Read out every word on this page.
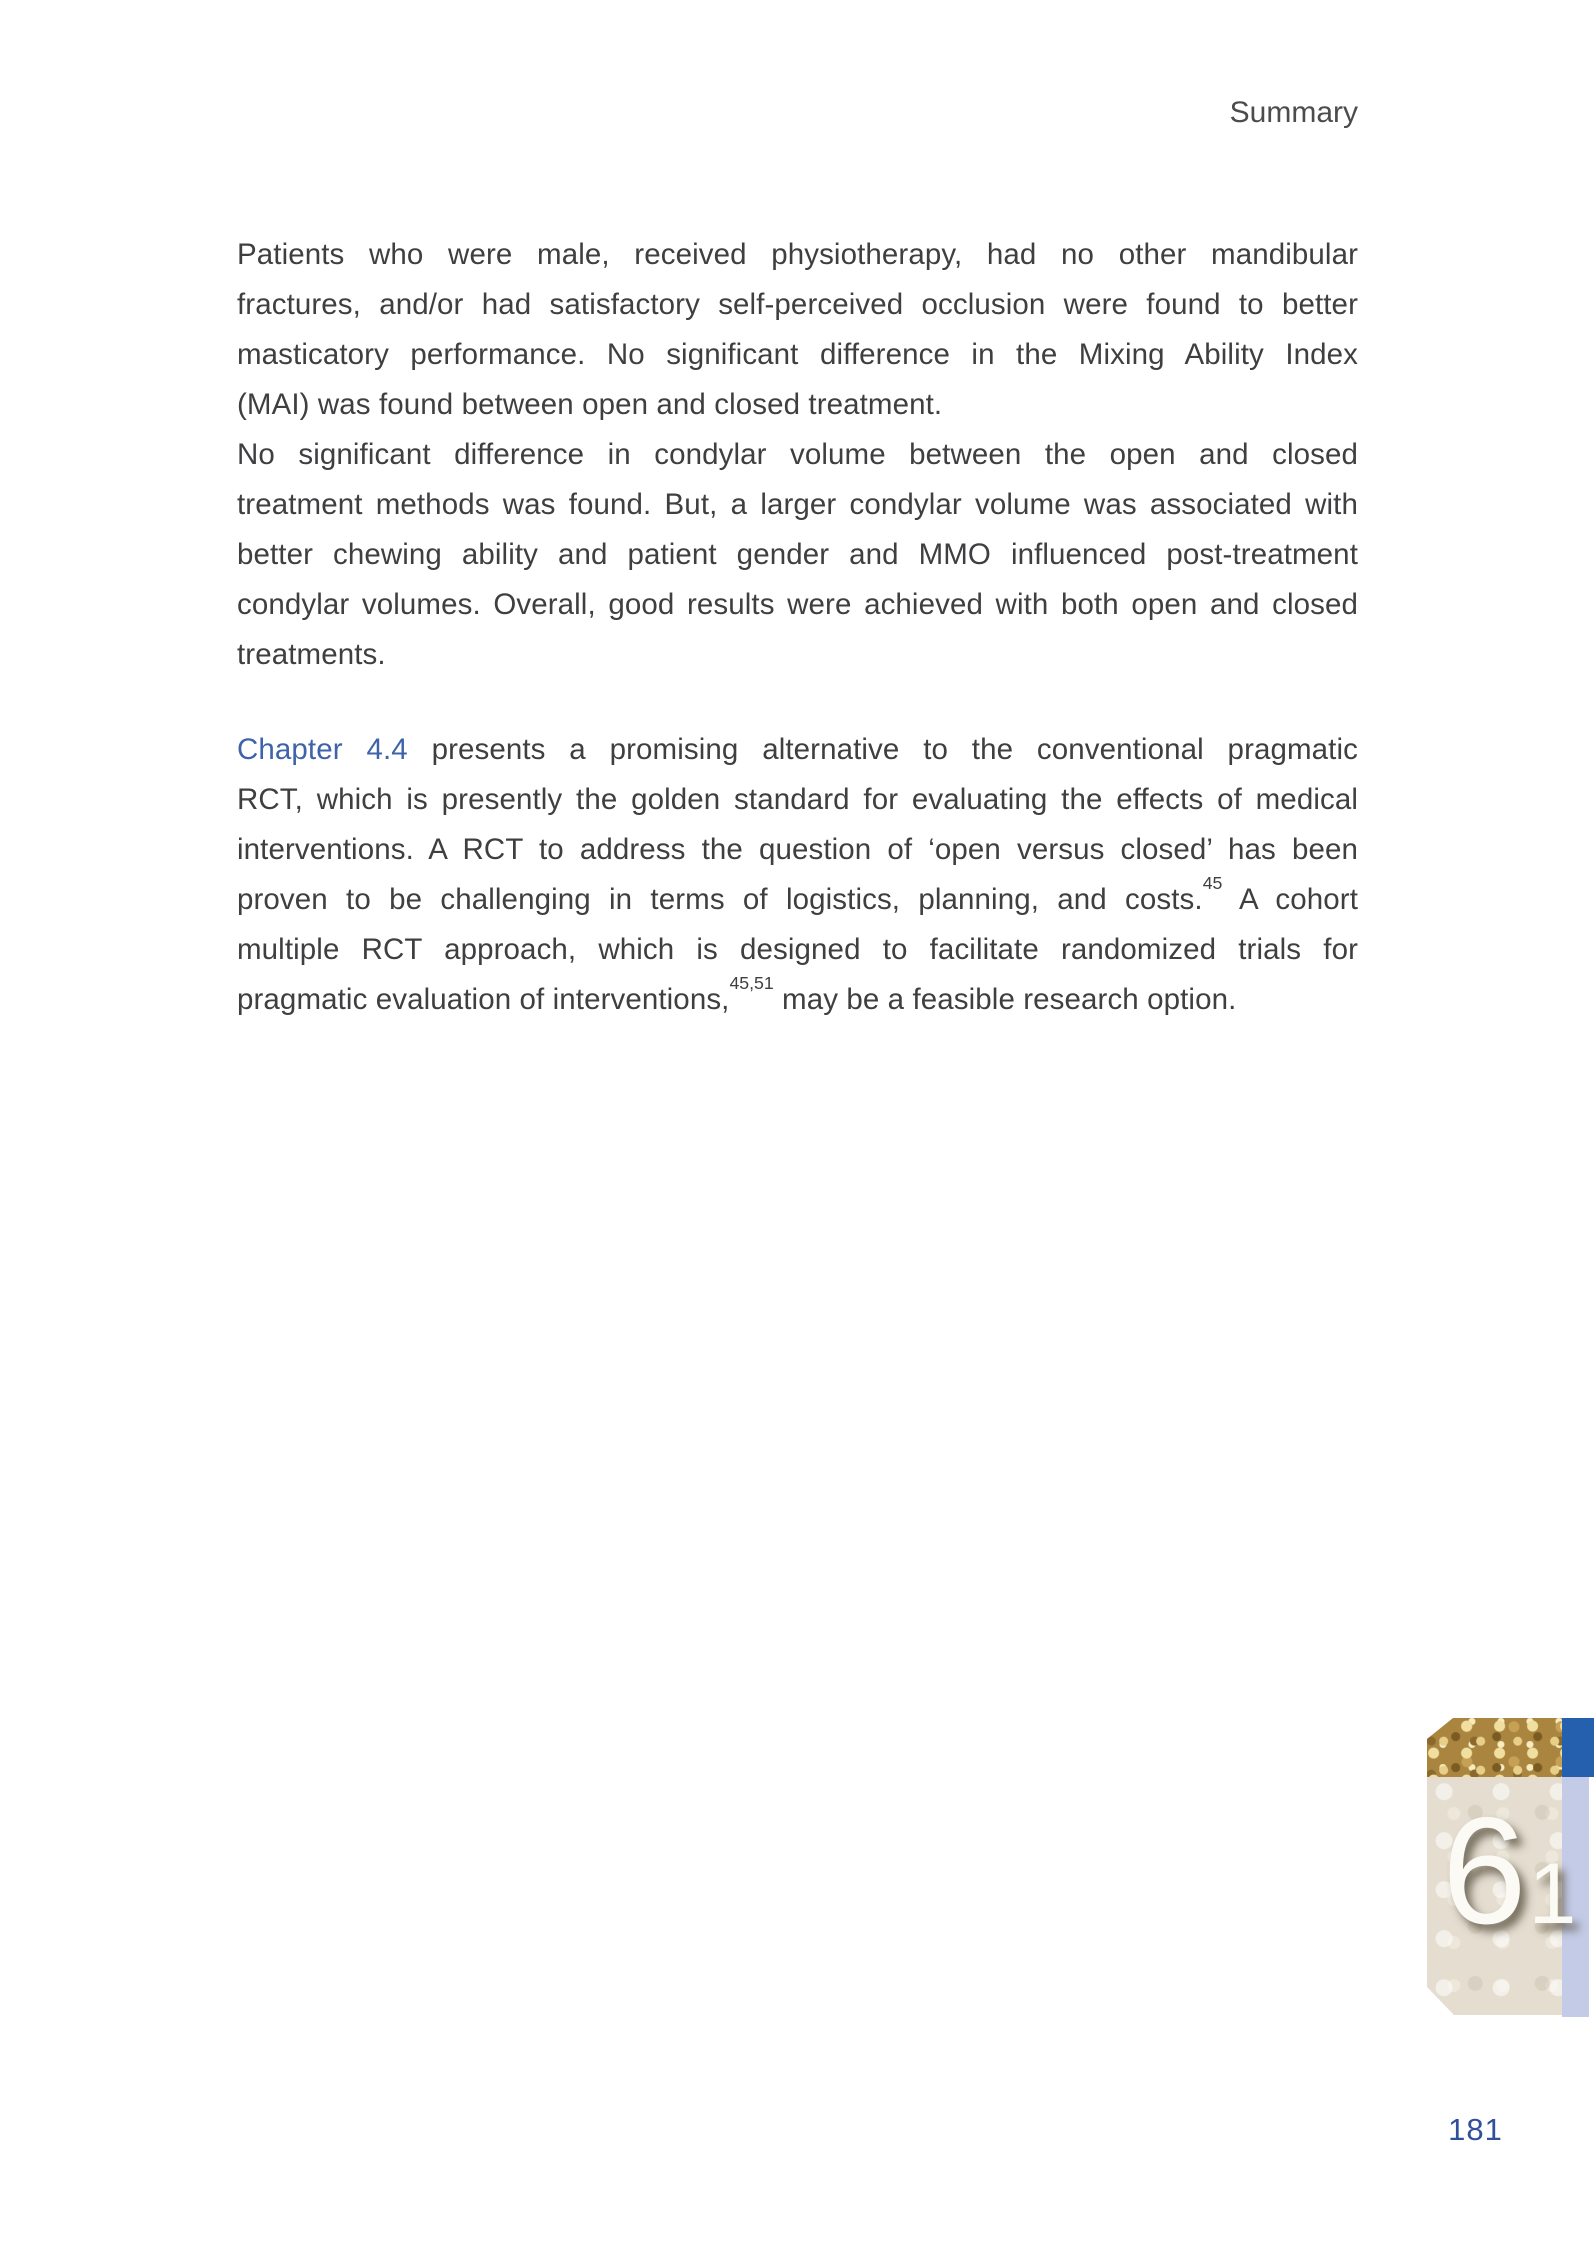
Summary
Patients who were male, received physiotherapy, had no other mandibular
fractures, and/or had satisfactory self-perceived occlusion were found to better
masticatory performance. No significant difference in the Mixing Ability Index
(MAI) was found between open and closed treatment.
No significant difference in condylar volume between the open and closed
treatment methods was found. But, a larger condylar volume was associated with
better chewing ability and patient gender and MMO influenced post-treatment
condylar volumes. Overall, good results were achieved with both open and closed
treatments.
Chapter 4.4 presents a promising alternative to the conventional pragmatic
RCT, which is presently the golden standard for evaluating the effects of medical
interventions. A RCT to address the question of ‘open versus closed’ has been
proven to be challenging in terms of logistics, planning, and costs.$^{45}$ A cohort
multiple RCT approach, which is designed to facilitate randomized trials for
pragmatic evaluation of interventions,$^{45,51}$ may be a feasible research option.
61
181
